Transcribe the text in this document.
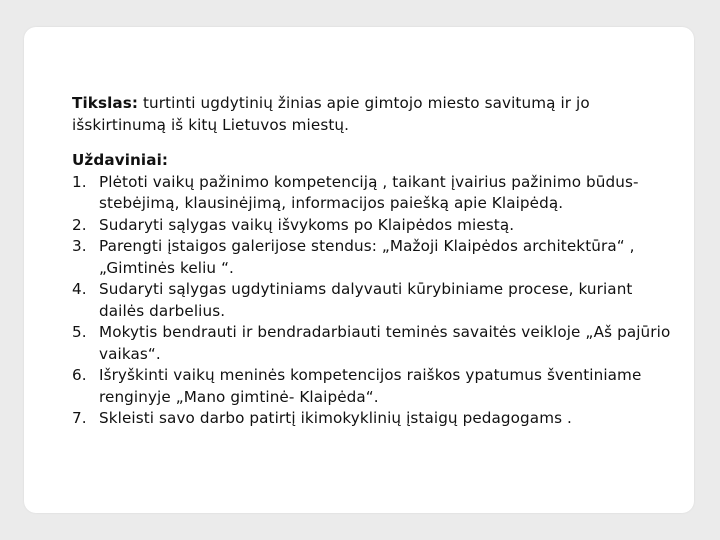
Tikslas: turtinti ugdytinių žinias apie gimtojo miesto savitumą ir jo išskirtinumą iš kitų Lietuvos miestų.

Uždaviniai:
1. Plėtoti vaikų pažinimo kompetenciją , taikant įvairius pažinimo būdus- stebėjimą, klausinėjimą, informacijos paiešką apie Klaipėdą.
2. Sudaryti sąlygas vaikų išvykoms po Klaipėdos miestą.
3. Parengti įstaigos galerijose stendus: „Mažoji Klaipėdos architektūra“ , „Gimtinės keliu “.
4. Sudaryti sąlygas ugdytiniams dalyvauti kūrybiniame procese, kuriant dailės darbelius.
5. Mokytis bendrauti ir bendradarbiauti teminės savaitės veikloje „Aš pajūrio vaikas“.
6. Išryškinti vaikų meninės kompetencijos raiškos ypatumus šventiniame renginyje „Mano gimtinė- Klaipėda“.
7. Skleisti savo darbo patirtį ikimokyklinių įstaigų pedagogams .
